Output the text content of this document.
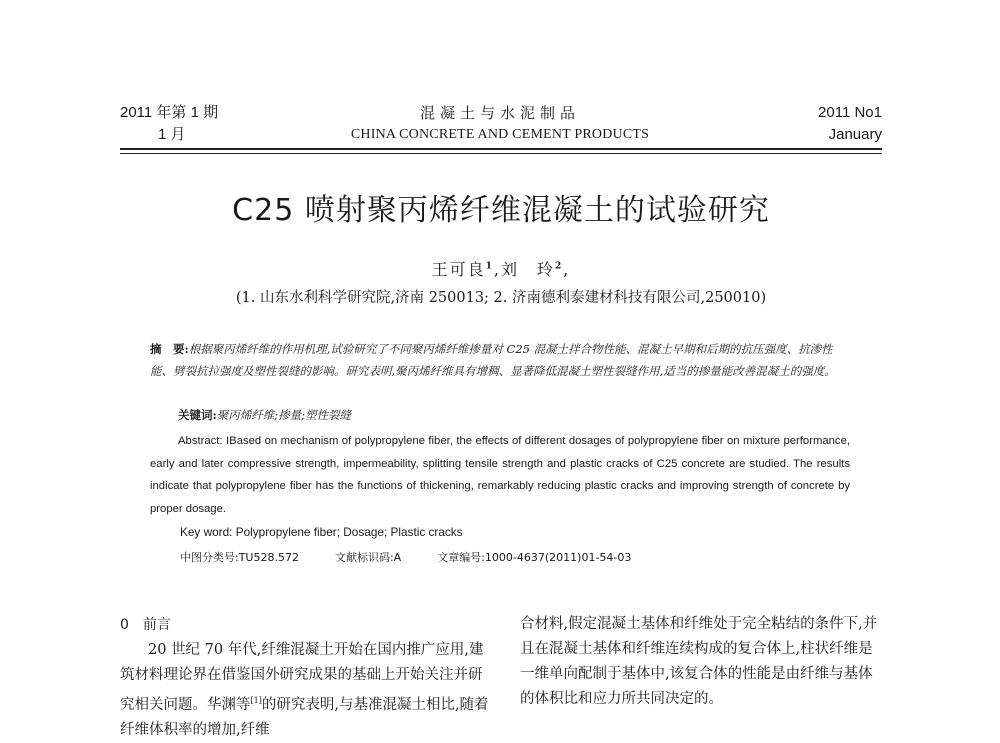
2011 年第 1 期
1 月
混凝土与水泥制品
CHINA CONCRETE AND CEMENT PRODUCTS
2011 No1
January
C25 喷射聚丙烯纤维混凝土的试验研究
王可良$^1$,刘　玲$^2$,
(1. 山东水利科学研究院,济南 250013; 2. 济南德利泰建材科技有限公司,250010)
摘　要:根据聚丙烯纤维的作用机理,试验研究了不同聚丙烯纤维掺量对 C25 混凝土拌合物性能、混凝土早期和后期的抗压强度、抗渗性能、劈裂抗拉强度及塑性裂缝的影响。研究表明,聚丙烯纤维具有增稠、显著降低混凝土塑性裂缝作用,适当的掺量能改善混凝土的强度。
关键词:聚丙烯纤维;掺量;塑性裂缝
Abstract: IBased on mechanism of polypropylene fiber, the effects of different dosages of polypropylene fiber on mixture performance, early and later compressive strength, impermeability, splitting tensile strength and plastic cracks of C25 concrete are studied. The results indicate that polypropylene fiber has the functions of thickening, remarkably reducing plastic cracks and improving strength of concrete by proper dosage.
Key word: Polypropylene fiber; Dosage; Plastic cracks
中图分类号:TU528.572	文献标识码:A	文章编号:1000-4637(2011)01-54-03
0　 前言

20 世纪 70 年代,纤维混凝土开始在国内推广应用,建筑材料理论界在借鉴国外研究成果的基础上开始关注并研究相关问题。华渊等[1]的研究表明,与基准混凝土相比,随着纤维体积率的增加,纤维

合材料,假定混凝土基体和纤维处于完全粘结的条件下,并且在混凝土基体和纤维连续构成的复合体上,柱状纤维是一维单向配制于基体中,该复合体的性能是由纤维与基体的体积比和应力所共同决定的。
